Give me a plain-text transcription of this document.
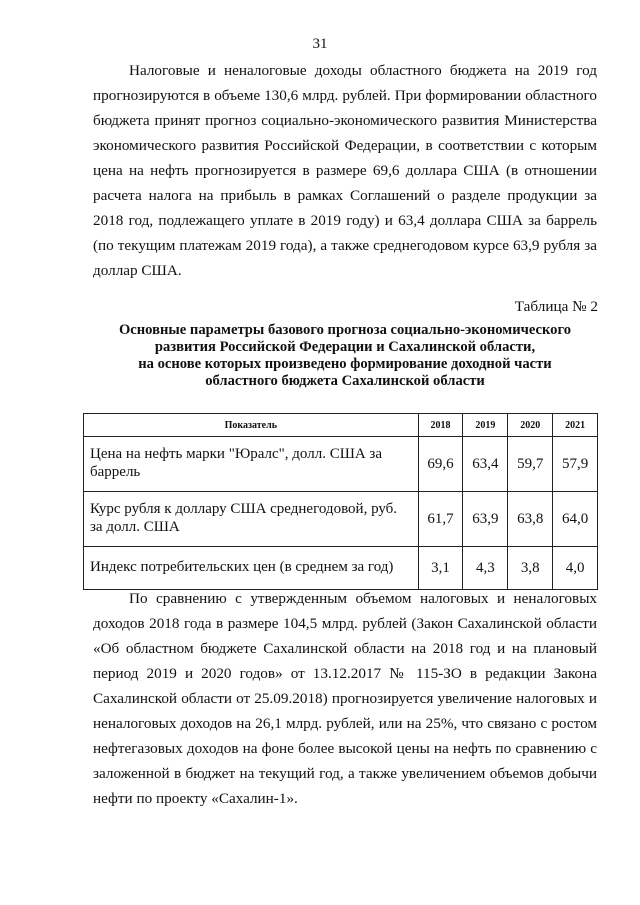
31

Налоговые и неналоговые доходы областного бюджета на 2019 год прогнозируются в объеме 130,6 млрд. рублей. При формировании областного бюджета принят прогноз социально-экономического развития Министерства экономического развития Российской Федерации, в соответствии с которым цена на нефть прогнозируется в размере 69,6 доллара США (в отношении расчета налога на прибыль в рамках Соглашений о разделе продукции за 2018 год, подлежащего уплате в 2019 году) и 63,4 доллара США за баррель (по текущим платежам 2019 года), а также среднегодовом курсе 63,9 рубля за доллар США.

Таблица № 2
Основные параметры базового прогноза социально-экономического
развития Российской Федерации и Сахалинской области,
на основе которых произведено формирование доходной части
областного бюджета Сахалинской области
Показатель	2018	2019	2020	2021
Цена на нефть марки "Юралс", долл. США за баррель	69,6	63,4	59,7	57,9
Курс рубля к доллару США среднегодовой, руб. за долл. США	61,7	63,9	63,8	64,0
Индекс потребительских цен (в среднем за год)	3,1	4,3	3,8	4,0

По сравнению с утвержденным объемом налоговых и неналоговых доходов 2018 года в размере 104,5 млрд. рублей (Закон Сахалинской области «Об областном бюджете Сахалинской области на 2018 год и на плановый период 2019 и 2020 годов» от 13.12.2017 № 115-ЗО в редакции Закона Сахалинской области от 25.09.2018) прогнозируется увеличение налоговых и неналоговых доходов на 26,1 млрд. рублей, или на 25%, что связано с ростом нефтегазовых доходов на фоне более высокой цены на нефть по сравнению с заложенной в бюджет на текущий год, а также увеличением объемов добычи нефти по проекту «Сахалин-1».
